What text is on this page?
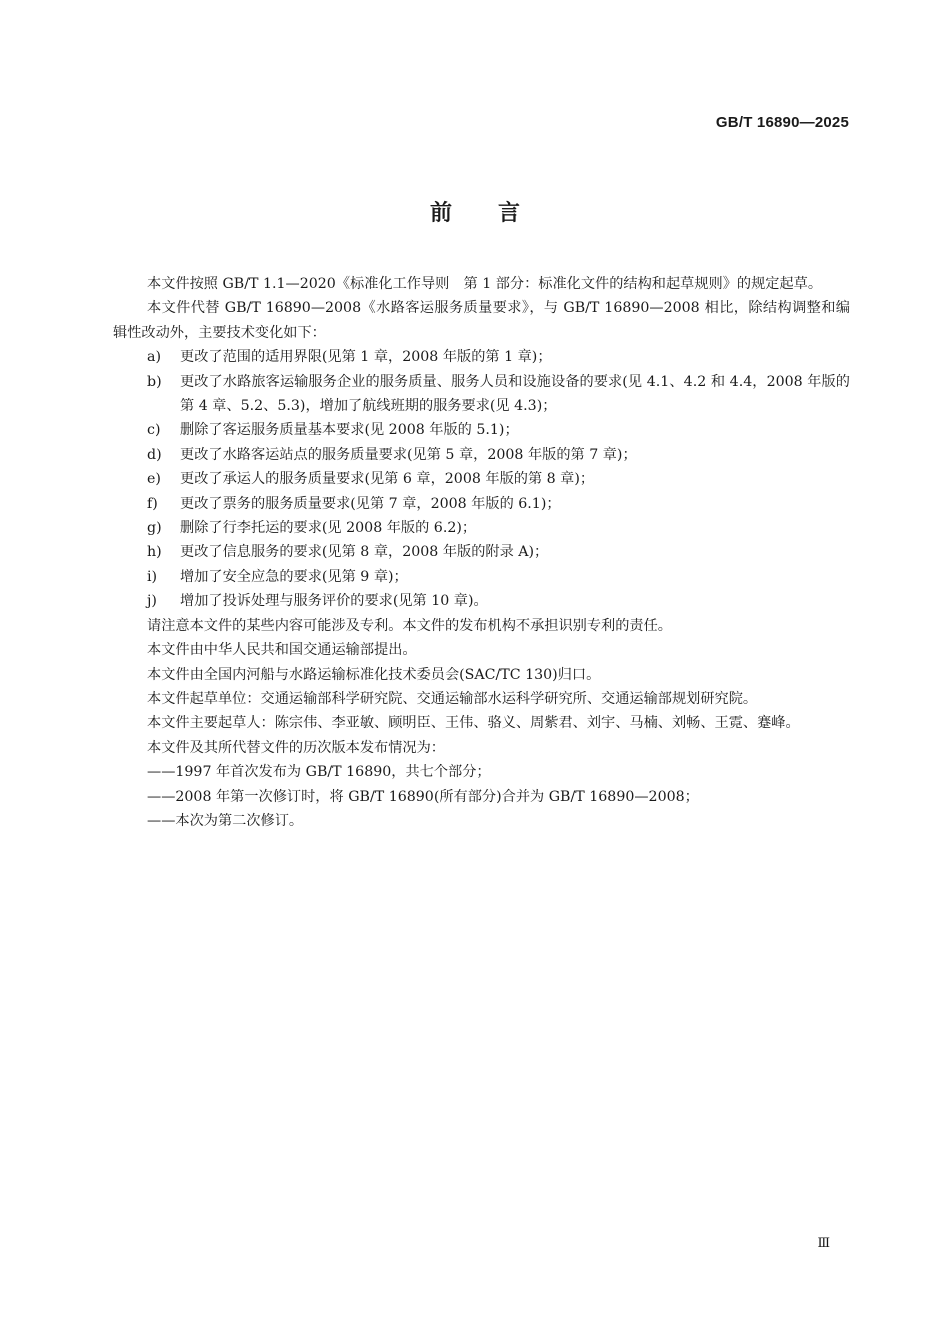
GB/T 16890—2025
前言

本文件按照 GB/T 1.1—2020《标准化工作导则　第 1 部分：标准化文件的结构和起草规则》的规定起草。

本文件代替 GB/T 16890—2008《水路客运服务质量要求》，与 GB/T 16890—2008 相比，除结构调整和编辑性改动外，主要技术变化如下：

a)	更改了范围的适用界限(见第 1 章，2008 年版的第 1 章)；

b)	更改了水路旅客运输服务企业的服务质量、服务人员和设施设备的要求(见 4.1、4.2 和 4.4，2008 年版的第 4 章、5.2、5.3)，增加了航线班期的服务要求(见 4.3)；

c)	删除了客运服务质量基本要求(见 2008 年版的 5.1)；

d)	更改了水路客运站点的服务质量要求(见第 5 章，2008 年版的第 7 章)；

e)	更改了承运人的服务质量要求(见第 6 章，2008 年版的第 8 章)；

f)	更改了票务的服务质量要求(见第 7 章，2008 年版的 6.1)；

g)	删除了行李托运的要求(见 2008 年版的 6.2)；

h)	更改了信息服务的要求(见第 8 章，2008 年版的附录 A)；

i)	增加了安全应急的要求(见第 9 章)；

j)	增加了投诉处理与服务评价的要求(见第 10 章)。

请注意本文件的某些内容可能涉及专利。本文件的发布机构不承担识别专利的责任。

本文件由中华人民共和国交通运输部提出。

本文件由全国内河船与水路运输标准化技术委员会(SAC/TC 130)归口。

本文件起草单位：交通运输部科学研究院、交通运输部水运科学研究所、交通运输部规划研究院。

本文件主要起草人：陈宗伟、李亚敏、顾明臣、王伟、骆义、周紫君、刘宇、马楠、刘畅、王霓、蹇峰。

本文件及其所代替文件的历次版本发布情况为：

——1997 年首次发布为 GB/T 16890，共七个部分；

——2008 年第一次修订时，将 GB/T 16890(所有部分)合并为 GB/T 16890—2008；

——本次为第二次修订。

Ⅲ
